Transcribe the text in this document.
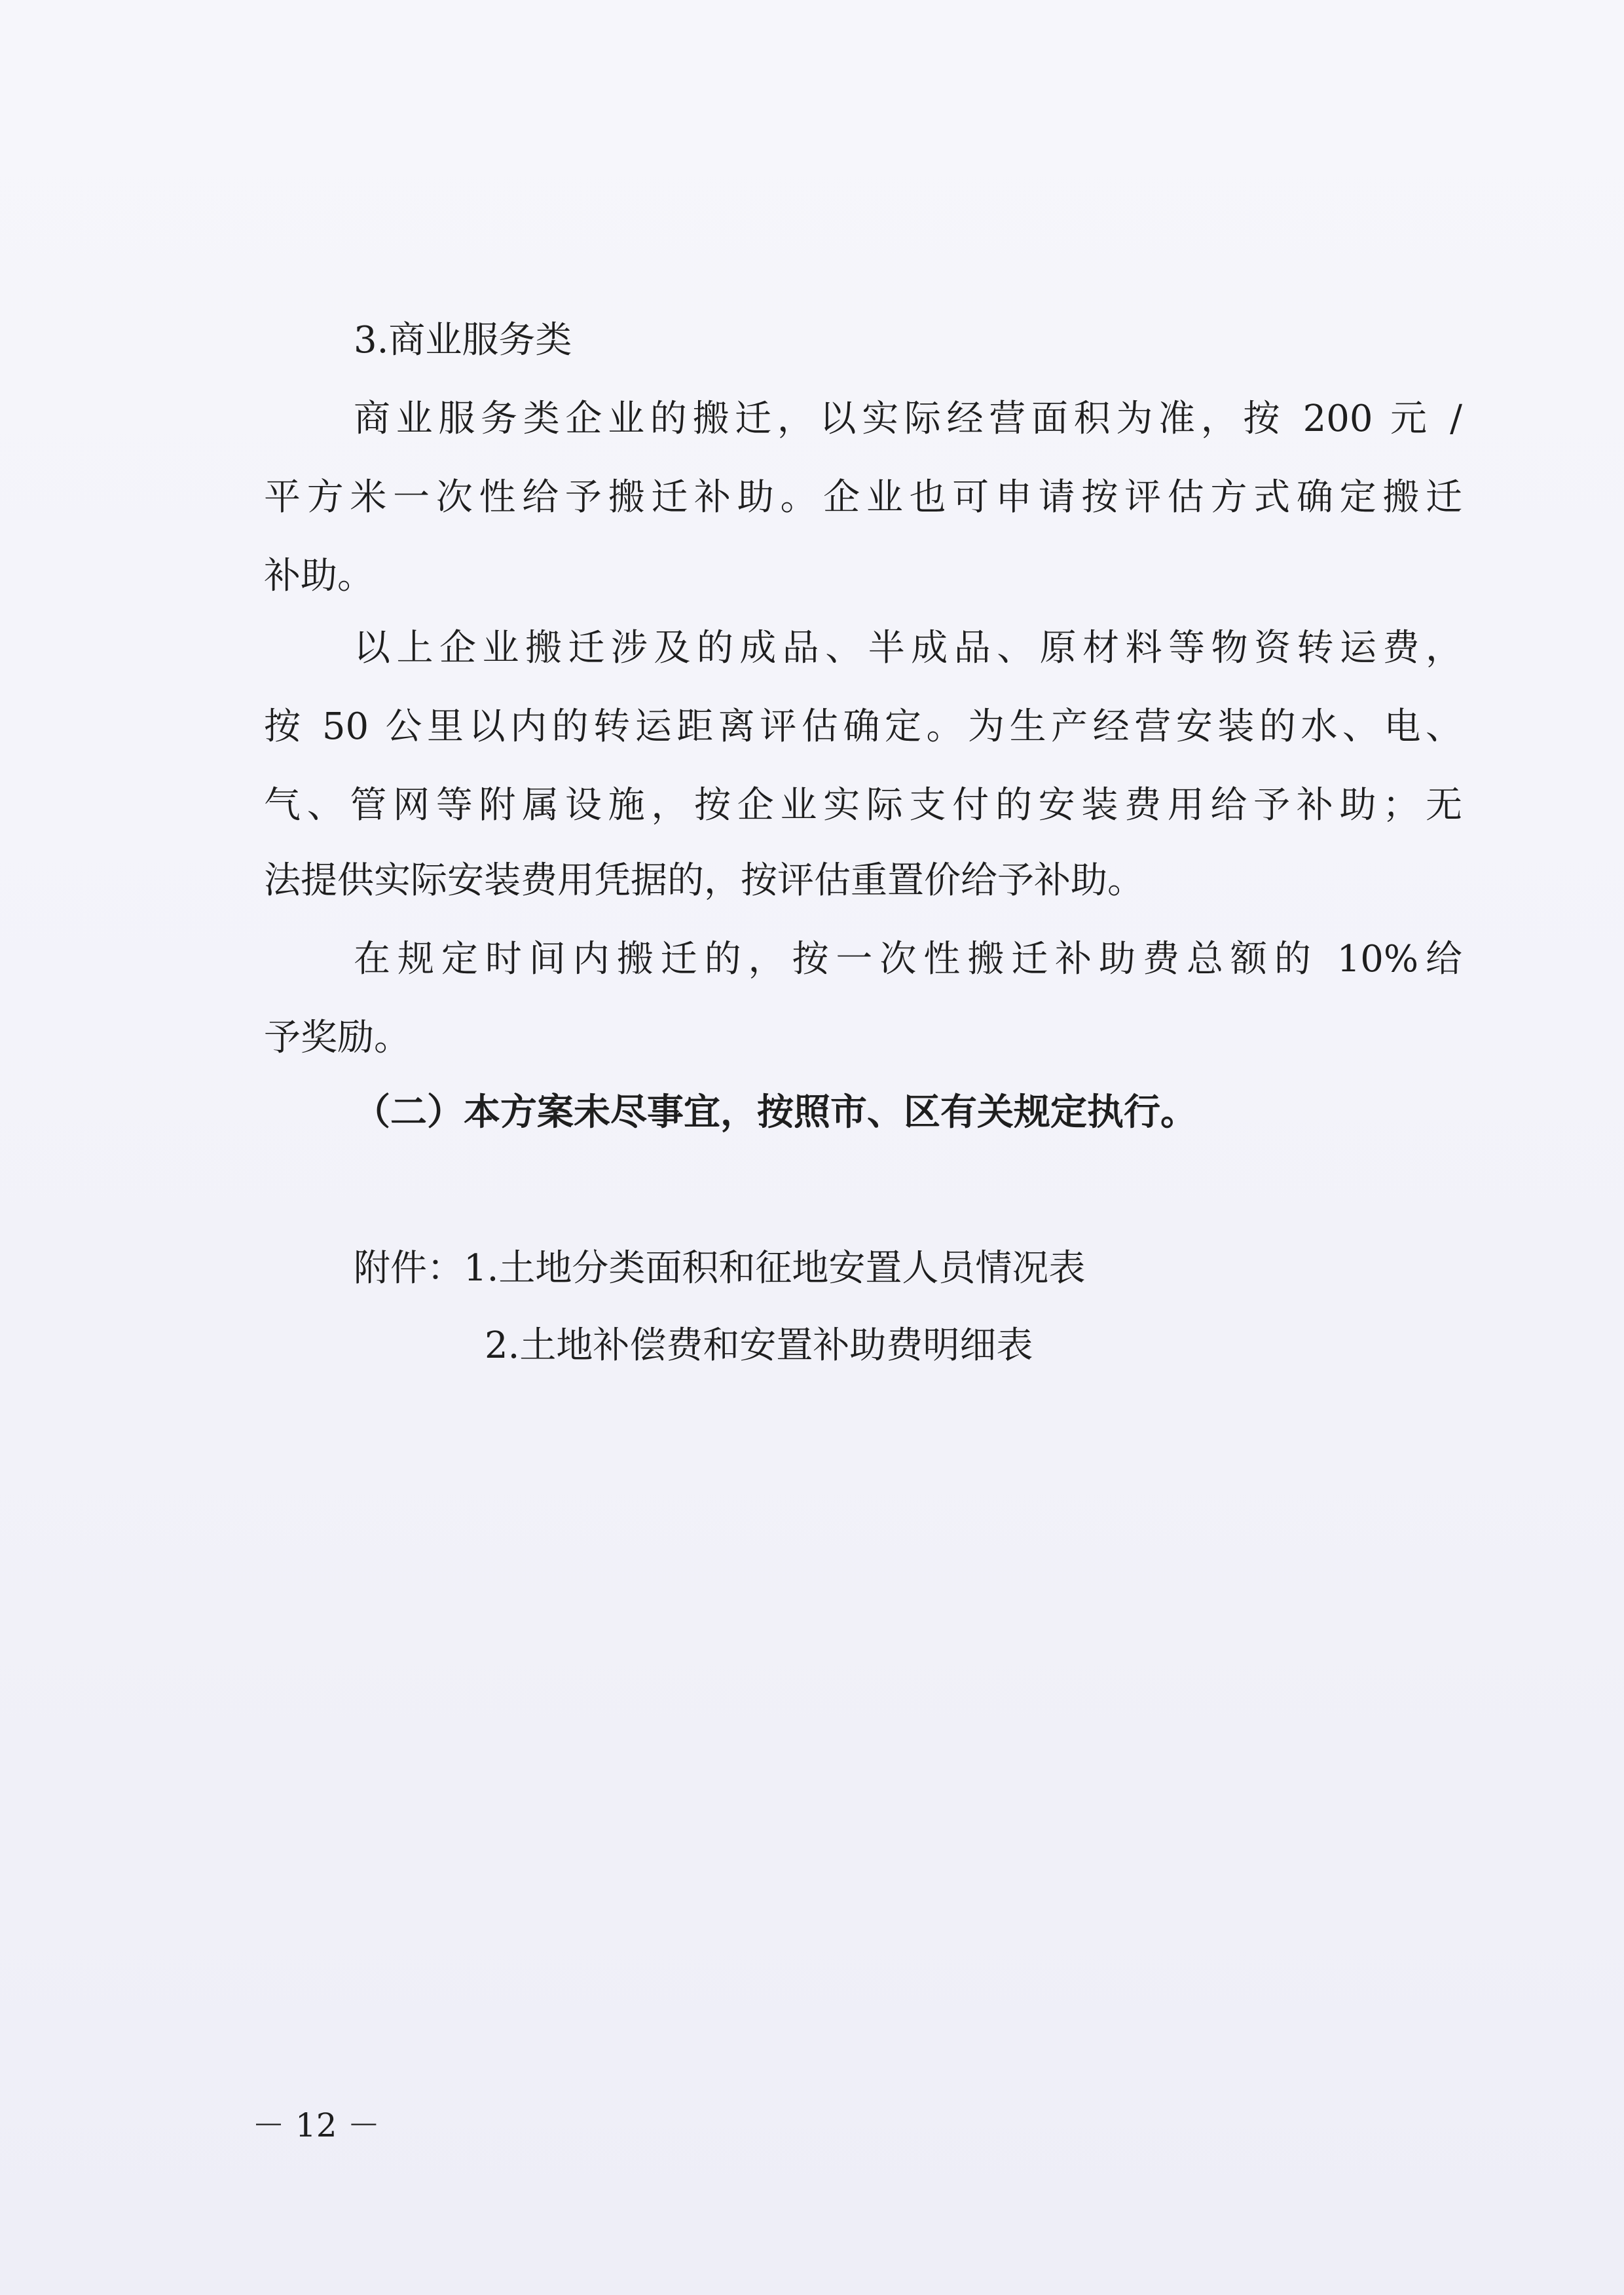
3.商业服务类
商业服务类企业的搬迁，以实际经营面积为准，按 200 元 /
平方米一次性给予搬迁补助。企业也可申请按评估方式确定搬迁
补助。
以上企业搬迁涉及的成品、半成品、原材料等物资转运费，
按 50 公里以内的转运距离评估确定。为生产经营安装的水、电、
气、管网等附属设施，按企业实际支付的安装费用给予补助；无
法提供实际安装费用凭据的，按评估重置价给予补助。
在规定时间内搬迁的，按一次性搬迁补助费总额的 10%给
予奖励。
（二）本方案未尽事宜，按照市、区有关规定执行。
附件：1.土地分类面积和征地安置人员情况表
2.土地补偿费和安置补助费明细表
－ 12 －
